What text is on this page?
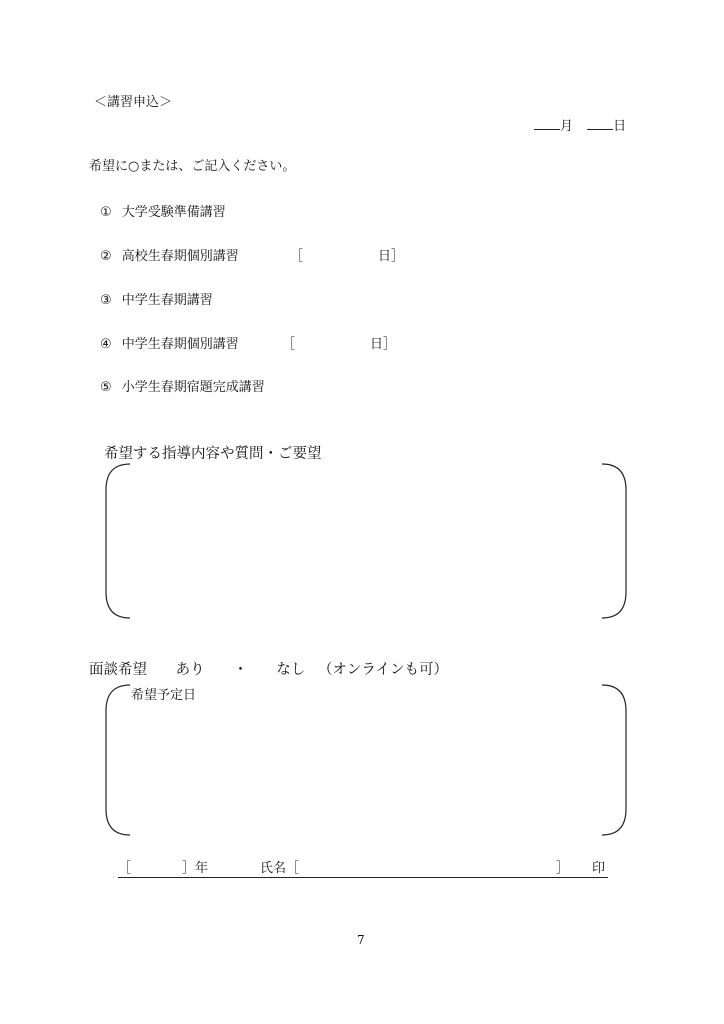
＜講習申込＞
月	日
希望に○または、ご記入ください。
① 大学受験準備講習
② 高校生春期個別講習	［	日］
③ 中学生春期講習
④ 中学生春期個別講習	［	日］
⑤ 小学生春期宿題完成講習
希望する指導内容や質問・ご要望
面談希望 あり ・ なし （オンラインも可）
希望予定日
［	］年	氏名［	］ 印
7
